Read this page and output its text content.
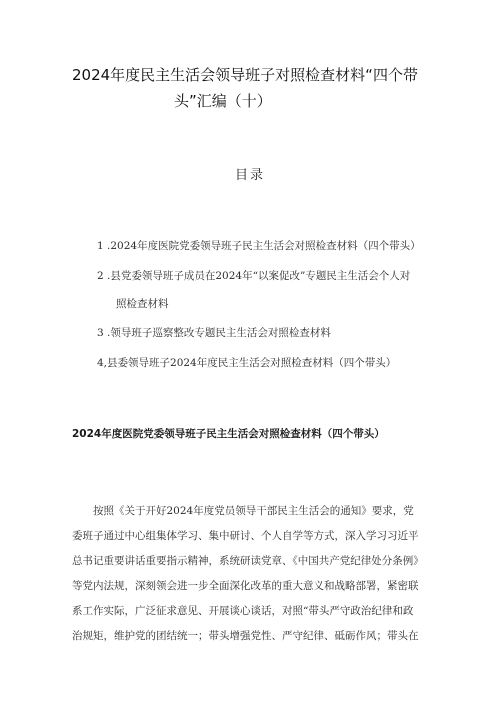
2024年度民主生活会领导班子对照检查材料“四个带
头”汇编（十）
目录
1 .2024年度医院党委领导班子民主生活会对照检查材料（四个带头）
2 .县党委领导班子成员在2024年“以案促改”专题民主生活会个人对
照检查材料
3 .领导班子巡察整改专题民主生活会对照检查材料
4,县委领导班子2024年度民主生活会对照检查材料（四个带头）
2024年度医院党委领导班子民主生活会对照检查材料（四个带头）
按照《关于开好2024年度党员领导干部民主生活会的通知》要求，党
委班子通过中心组集体学习、集中研讨、个人自学等方式，深入学习习近平
总书记重要讲话重要指示精神，系统研读党章、《中国共产党纪律处分条例》
等党内法规，深刻领会进一步全面深化改革的重大意义和战略部署，紧密联
系工作实际，广泛征求意见、开展谈心谈话，对照“带头严守政治纪律和政
治规矩，维护党的团结统一；带头增强党性、严守纪律、砥砺作风；带头在
